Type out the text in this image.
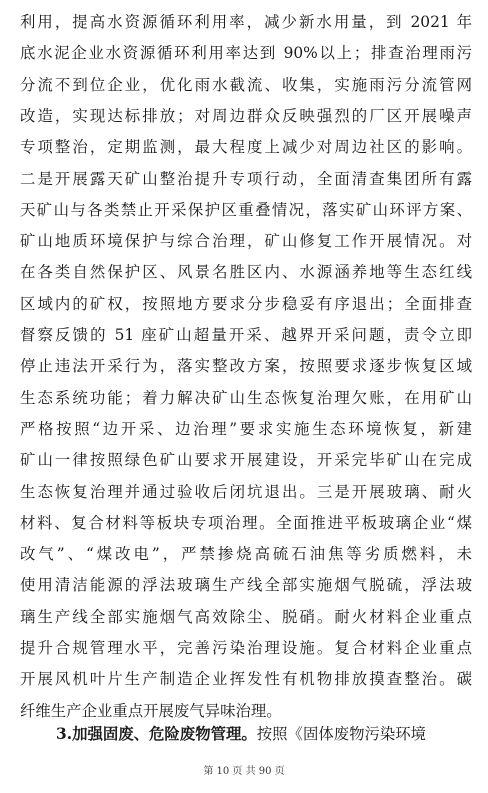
利用，提高水资源循环利用率，减少新水用量，到 2021 年
底水泥企业水资源循环利用率达到 90%以上；排查治理雨污
分流不到位企业，优化雨水截流、收集，实施雨污分流管网
改造，实现达标排放；对周边群众反映强烈的厂区开展噪声
专项整治，定期监测，最大程度上减少对周边社区的影响。
二是开展露天矿山整治提升专项行动，全面清查集团所有露
天矿山与各类禁止开采保护区重叠情况，落实矿山环评方案、
矿山地质环境保护与综合治理，矿山修复工作开展情况。对
在各类自然保护区、风景名胜区内、水源涵养地等生态红线
区域内的矿权，按照地方要求分步稳妥有序退出；全面排查
督察反馈的 51 座矿山超量开采、越界开采问题，责令立即
停止违法开采行为，落实整改方案，按照要求逐步恢复区域
生态系统功能；着力解决矿山生态恢复治理欠账，在用矿山
严格按照“边开采、边治理”要求实施生态环境恢复，新建
矿山一律按照绿色矿山要求开展建设，开采完毕矿山在完成
生态恢复治理并通过验收后闭坑退出。三是开展玻璃、耐火
材料、复合材料等板块专项治理。全面推进平板玻璃企业“煤
改气”、“煤改电”，严禁掺烧高硫石油焦等劣质燃料，未
使用清洁能源的浮法玻璃生产线全部实施烟气脱硫，浮法玻
璃生产线全部实施烟气高效除尘、脱硝。耐火材料企业重点
提升合规管理水平，完善污染治理设施。复合材料企业重点
开展风机叶片生产制造企业挥发性有机物排放摸查整治。碳
纤维生产企业重点开展废气异味治理。
3.加强固废、危险废物管理。按照《固体废物污染环境
第 10 页 共 90 页
